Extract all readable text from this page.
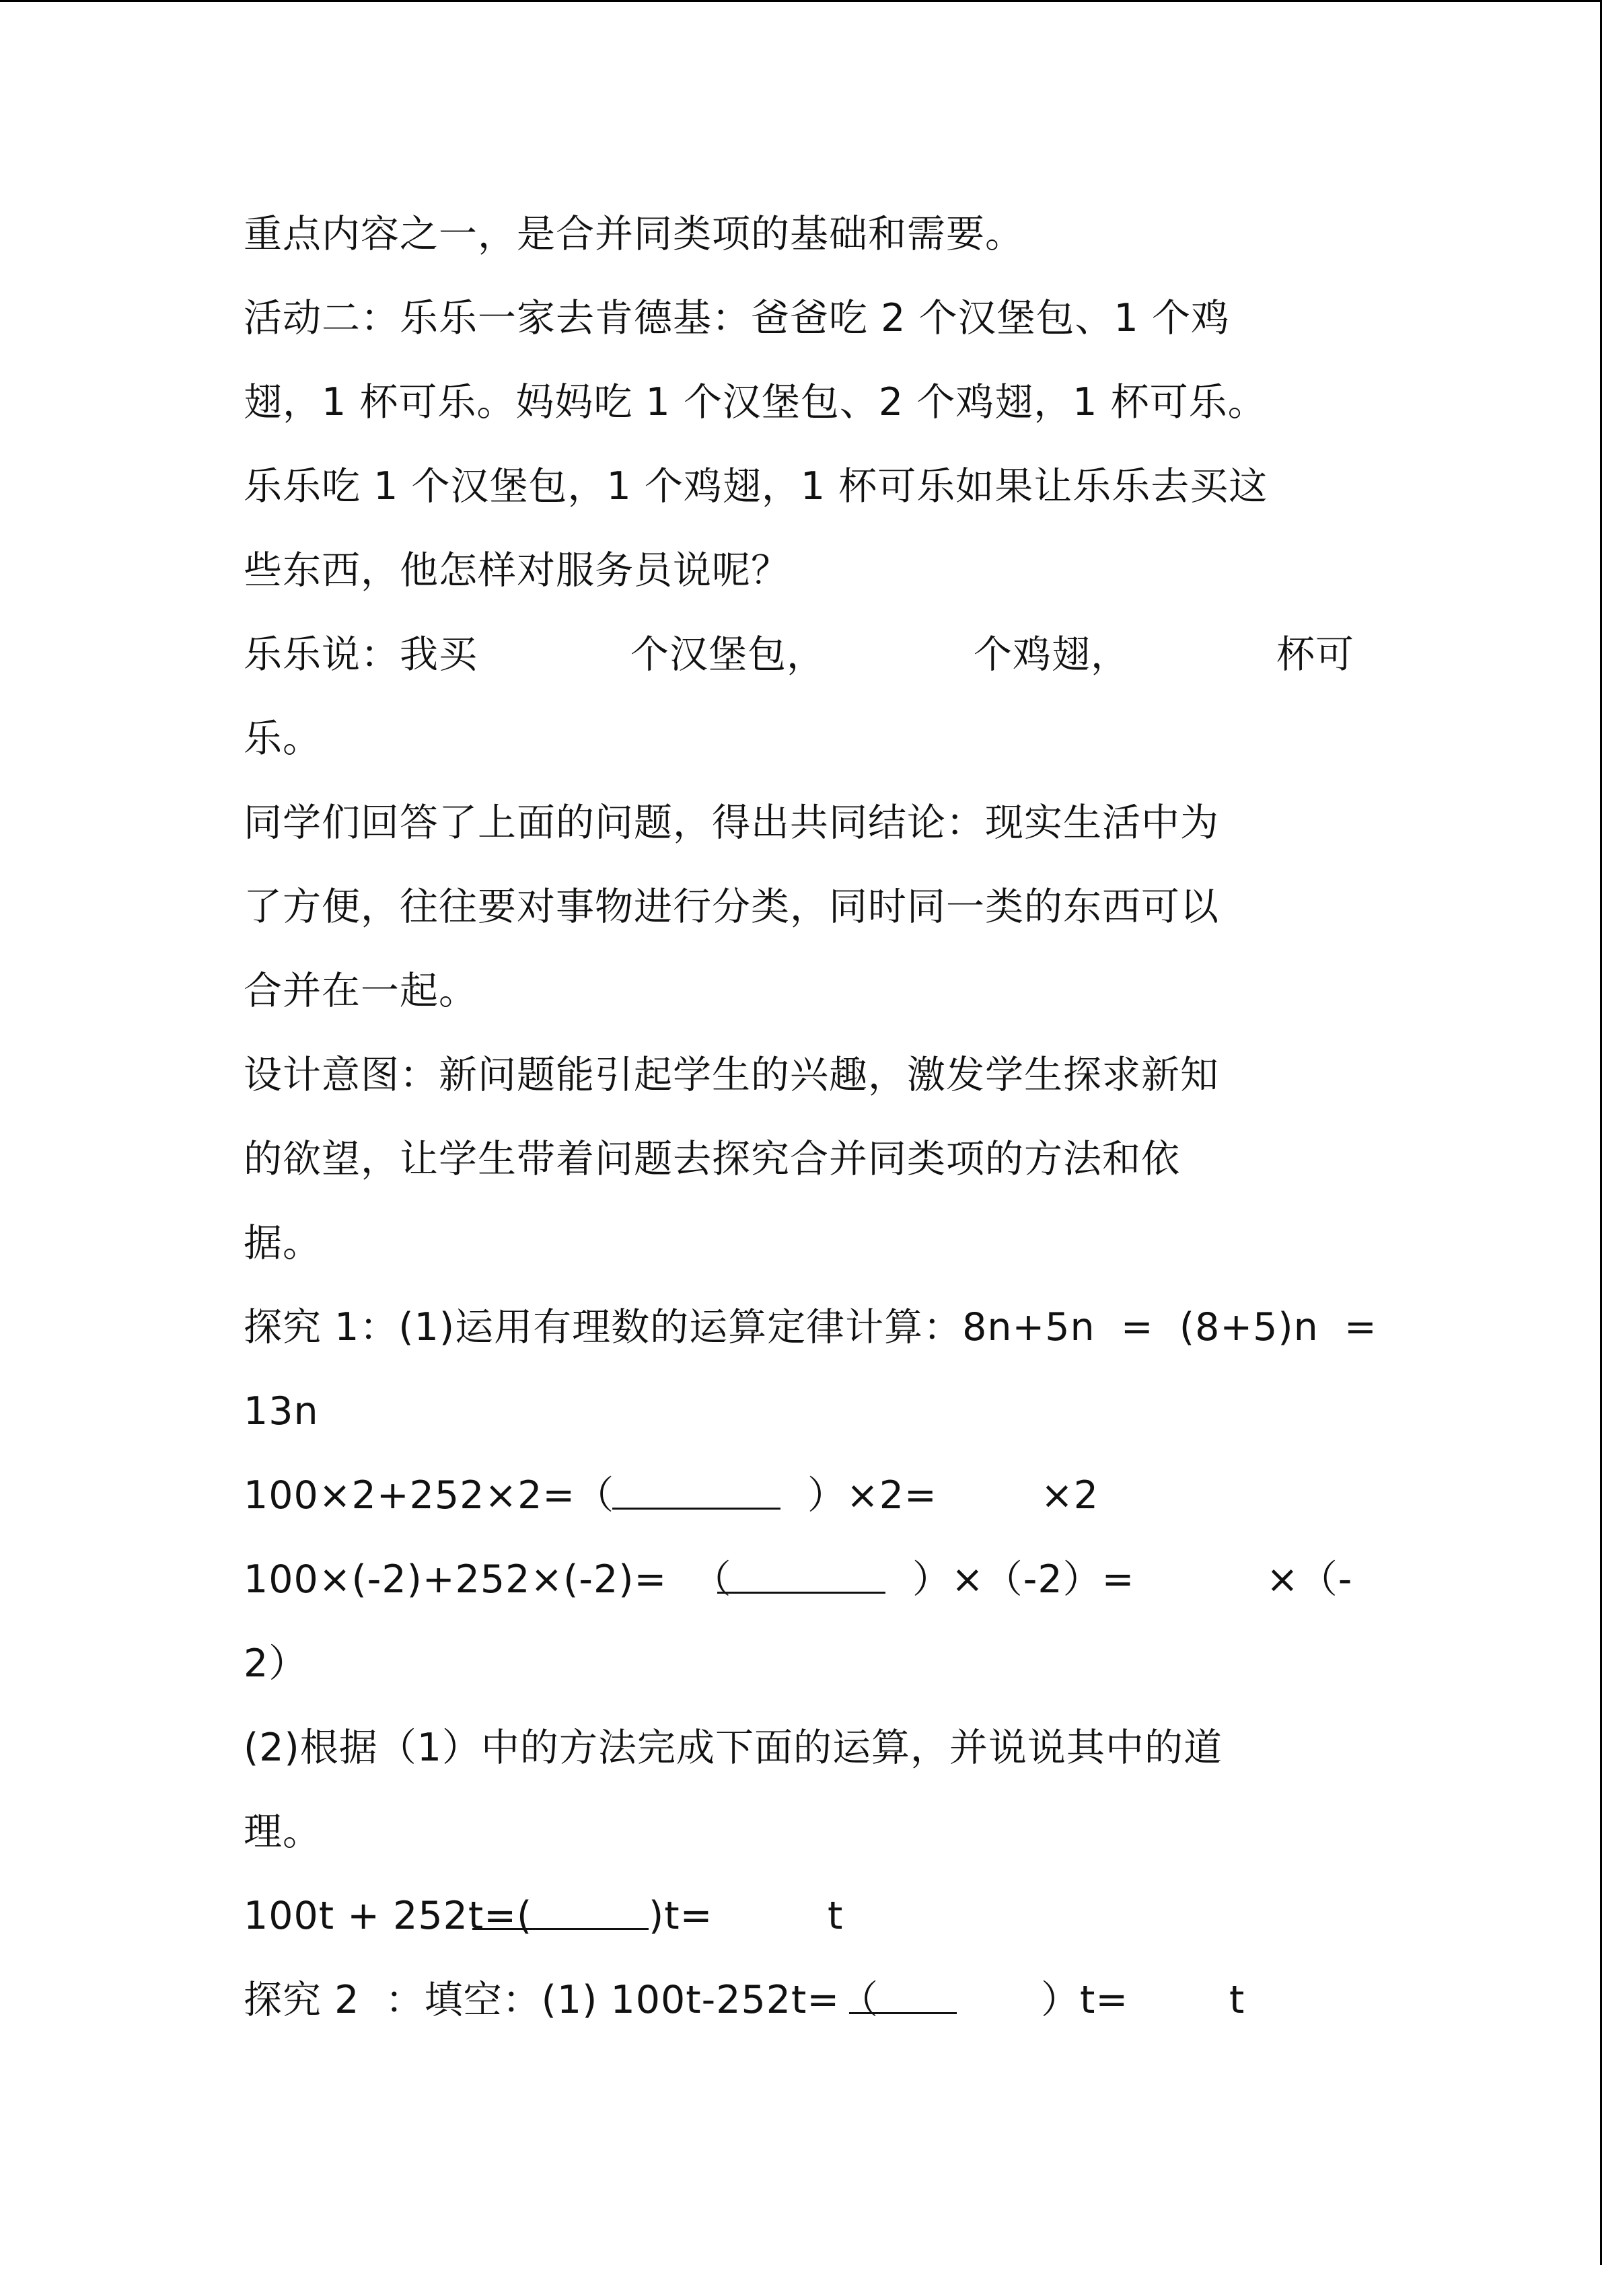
重点内容之一，是合并同类项的基础和需要。
活动二：乐乐一家去肯德基：爸爸吃 2 个汉堡包、1 个鸡
翅，1 杯可乐。妈妈吃 1 个汉堡包、2 个鸡翅，1 杯可乐。
乐乐吃 1 个汉堡包，1 个鸡翅，1 杯可乐如果让乐乐去买这
些东西，他怎样对服务员说呢？

乐乐说：我买

	个汉堡包，

	个鸡翅，

	杯可

乐。
同学们回答了上面的问题，得出共同结论：现实生活中为
了方便，往往要对事物进行分类，同时同一类的东西可以
合并在一起。
设计意图：新问题能引起学生的兴趣，激发学生探求新知
的欲望，让学生带着问题去探究合并同类项的方法和依
据。
探究 1：(1)运用有理数的运算定律计算：8n+5n  =  (8+5)n  =
13n

100×2+252×2=（

	）×2=

	×2

100×(-2)+252×(-2)=  （

	）×（-2）=

	×（-

2）
(2)根据（1）中的方法完成下面的运算，并说说其中的道
理。

100t + 252t=(

	)t=

	t

探究 2  ：填空：(1) 100t-252t=（

	）t=

	t
